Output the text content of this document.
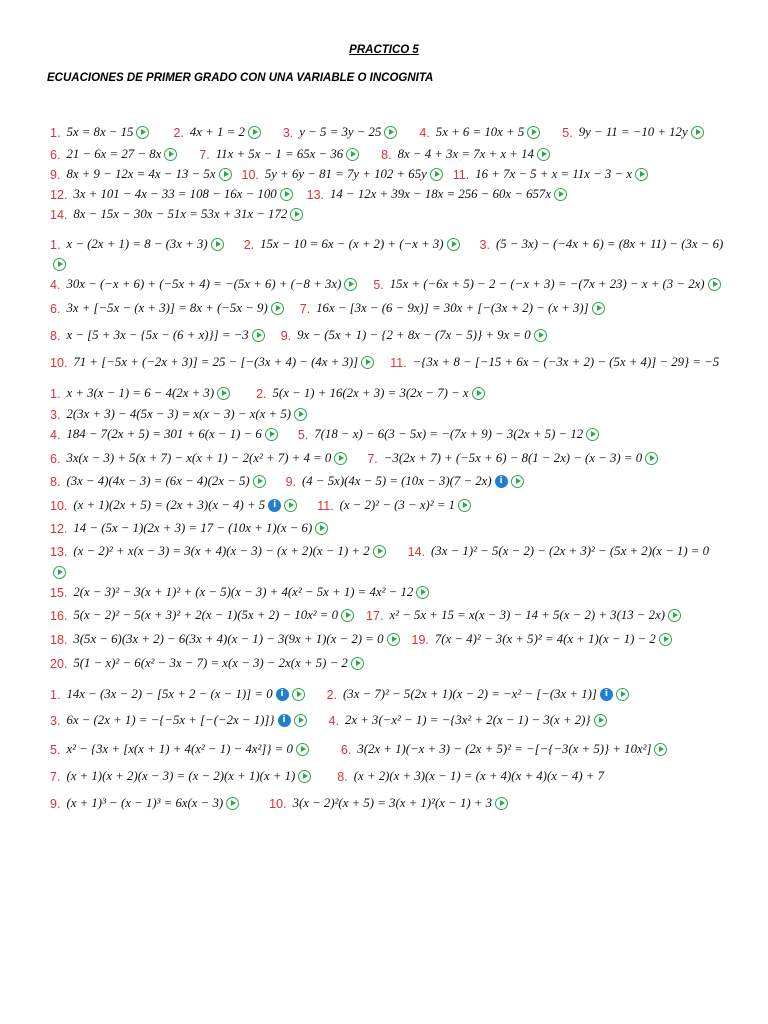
PRACTICO 5
ECUACIONES DE PRIMER GRADO CON UNA VARIABLE O INCOGNITA
1. 5x = 8x − 15	2. 4x + 1 = 2	3. y − 5 = 3y − 25	4. 5x + 6 = 10x + 5	5. 9y − 11 = −10 + 12y
6. 21 − 6x = 27 − 8x	7. 11x + 5x − 1 = 65x − 36	8. 8x − 4 + 3x = 7x + x + 14
9. 8x + 9 − 12x = 4x − 13 − 5x 10. 5y + 6y − 81 = 7y + 102 + 65y 11. 16 + 7x − 5 + x = 11x − 3 − x
12. 3x + 101 − 4x − 33 = 108 − 16x − 100 13. 14 − 12x + 39x − 18x = 256 − 60x − 657x
14. 8x − 15x − 30x − 51x = 53x + 31x − 172
1. x − (2x + 1) = 8 − (3x + 3)	2. 15x − 10 = 6x − (x + 2) + (−x + 3)	3. (5 − 3x) − (−4x + 6) = (8x + 11) − (3x − 6)
4. 30x − (−x + 6) + (−5x + 4) = −(5x + 6) + (−8 + 3x)	5. 15x + (−6x + 5) − 2 − (−x + 3) = −(7x + 23) − x + (3 − 2x)
6. 3x + [−5x − (x + 3)] = 8x + (−5x − 9)	7. 16x − [3x − (6 − 9x)] = 30x + [−(3x + 2) − (x + 3)]
8. x − [5 + 3x − {5x − (6 + x)}] = −3	9. 9x − (5x + 1) − {2 + 8x − (7x − 5)} + 9x = 0
10. 71 + [−5x + (−2x + 3)] = 25 − [−(3x + 4) − (4x + 3)]	11. −{3x + 8 − [−15 + 6x − (−3x + 2) − (5x + 4)] − 29} = −5
1. x + 3(x − 1) = 6 − 4(2x + 3)	2. 5(x − 1) + 16(2x + 3) = 3(2x − 7) − x
3. 2(3x + 3) − 4(5x − 3) = x(x − 3) − x(x + 5)
4. 184 − 7(2x + 5) = 301 + 6(x − 1) − 6	5. 7(18 − x) − 6(3 − 5x) = −(7x + 9) − 3(2x + 5) − 12
6. 3x(x − 3) + 5(x + 7) − x(x + 1) − 2(x² + 7) + 4 = 0	7. −3(2x + 7) + (−5x + 6) − 8(1 − 2x) − (x − 3) = 0
8. (3x − 4)(4x − 3) = (6x − 4)(2x − 5)	9. (4 − 5x)(4x − 5) = (10x − 3)(7 − 2x) i
10. (x + 1)(2x + 5) = (2x + 3)(x − 4) + 5 i	11. (x − 2)² − (3 − x)² = 1
12. 14 − (5x − 1)(2x + 3) = 17 − (10x + 1)(x − 6)
13. (x − 2)² + x(x − 3) = 3(x + 4)(x − 3) − (x + 2)(x − 1) + 2	14. (3x − 1)² − 5(x − 2) − (2x + 3)² − (5x + 2)(x − 1) = 0
15. 2(x − 3)² − 3(x + 1)² + (x − 5)(x − 3) + 4(x² − 5x + 1) = 4x² − 12
16. 5(x − 2)² − 5(x + 3)² + 2(x − 1)(5x + 2) − 10x² = 0 17. x² − 5x + 15 = x(x − 3) − 14 + 5(x − 2) + 3(13 − 2x)
18. 3(5x − 6)(3x + 2) − 6(3x + 4)(x − 1) − 3(9x + 1)(x − 2) = 0 19. 7(x − 4)² − 3(x + 5)² = 4(x + 1)(x − 1) − 2
20. 5(1 − x)² − 6(x² − 3x − 7) = x(x − 3) − 2x(x + 5) − 2
1. 14x − (3x − 2) − [5x + 2 − (x − 1)] = 0 i	2. (3x − 7)² − 5(2x + 1)(x − 2) = −x² − [−(3x + 1)] i
3. 6x − (2x + 1) = −{−5x + [−(−2x − 1)]} i	4. 2x + 3(−x² − 1) = −{3x² + 2(x − 1) − 3(x + 2)}
5. x² − {3x + [x(x + 1) + 4(x² − 1) − 4x²]} = 0	6. 3(2x + 1)(−x + 3) − (2x + 5)² = −[−{−3(x + 5)} + 10x²]
7. (x + 1)(x + 2)(x − 3) = (x − 2)(x + 1)(x + 1)	8. (x + 2)(x + 3)(x − 1) = (x + 4)(x + 4)(x − 4) + 7
9. (x + 1)³ − (x − 1)³ = 6x(x − 3)	10. 3(x − 2)²(x + 5) = 3(x + 1)²(x − 1) + 3
